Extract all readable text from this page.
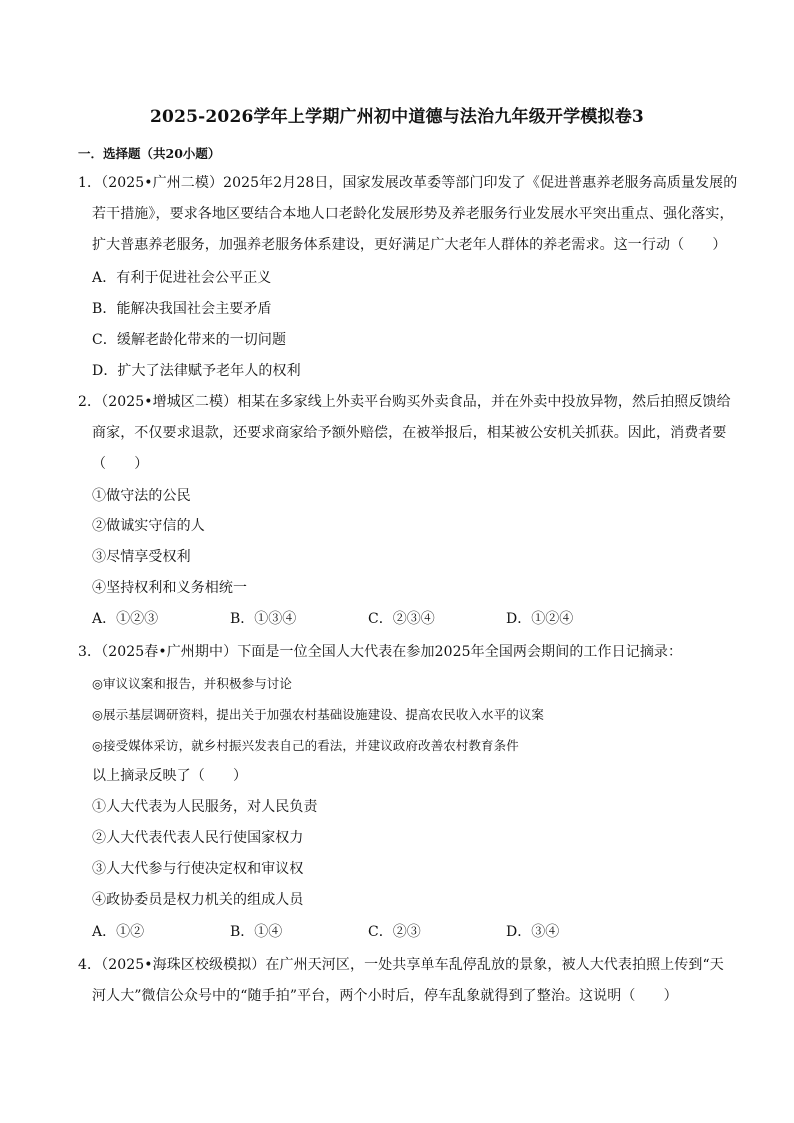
2025-2026学年上学期广州初中道德与法治九年级开学模拟卷3
一．选择题（共20小题）
1．（2025•广州二模）2025年2月28日，国家发展改革委等部门印发了《促进普惠养老服务高质量发展的
若干措施》，要求各地区要结合本地人口老龄化发展形势及养老服务行业发展水平突出重点、强化落实，
扩大普惠养老服务，加强养老服务体系建设，更好满足广大老年人群体的养老需求。这一行动（　　）
A．有利于促进社会公平正义
B．能解决我国社会主要矛盾
C．缓解老龄化带来的一切问题
D．扩大了法律赋予老年人的权利
2．（2025•增城区二模）相某在多家线上外卖平台购买外卖食品，并在外卖中投放异物，然后拍照反馈给
商家，不仅要求退款，还要求商家给予额外赔偿，在被举报后，相某被公安机关抓获。因此，消费者要
（　　）
①做守法的公民
②做诚实守信的人
③尽情享受权利
④坚持权利和义务相统一
A．①②③	B．①③④	C．②③④	D．①②④
3．（2025春•广州期中）下面是一位全国人大代表在参加2025年全国两会期间的工作日记摘录：
◎审议议案和报告，并积极参与讨论
◎展示基层调研资料，提出关于加强农村基础设施建设、提高农民收入水平的议案
◎接受媒体采访，就乡村振兴发表自己的看法，并建议政府改善农村教育条件
以上摘录反映了（　　）
①人大代表为人民服务，对人民负责
②人大代表代表人民行使国家权力
③人大代参与行使决定权和审议权
④政协委员是权力机关的组成人员
A．①②	B．①④	C．②③	D．③④
4．（2025•海珠区校级模拟）在广州天河区，一处共享单车乱停乱放的景象，被人大代表拍照上传到“天
河人大”微信公众号中的“随手拍”平台，两个小时后，停车乱象就得到了整治。这说明（　　）
